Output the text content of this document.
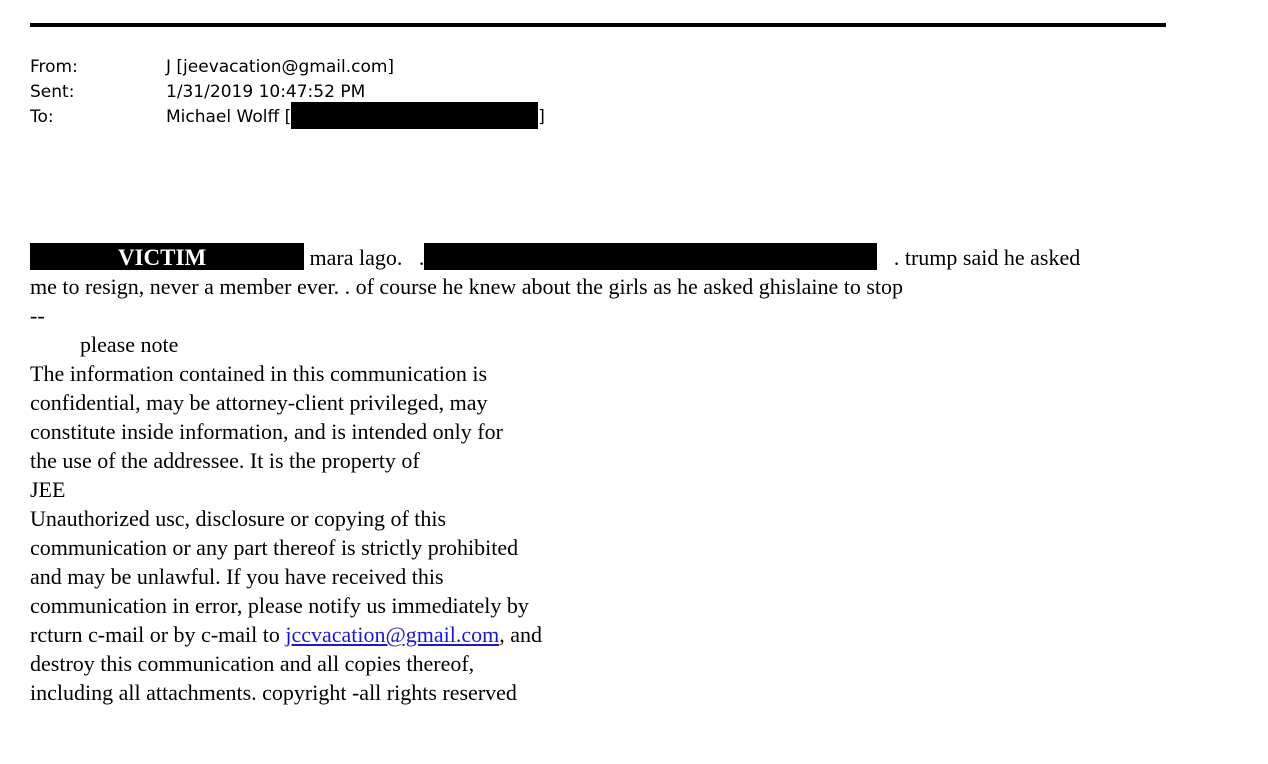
From:	J [jeevacation@gmail.com]
Sent:	1/31/2019 10:47:52 PM
To:	Michael Wolff [	]
VICTIM	mara lago. .	. trump said he asked
me to resign, never a member ever. . of course he knew about the girls as he asked ghislaine to stop
--
please note
The information contained in this communication is
confidential, may be attorney-client privileged, may
constitute inside information, and is intended only for
the use of the addressee. It is the property of
JEE
Unauthorized usc, disclosure or copying of this
communication or any part thereof is strictly prohibited
and may be unlawful. If you have received this
communication in error, please notify us immediately by
rcturn c-mail or by c-mail to jccvacation@gmail.com, and
destroy this communication and all copies thereof,
including all attachments. copyright -all rights reserved
